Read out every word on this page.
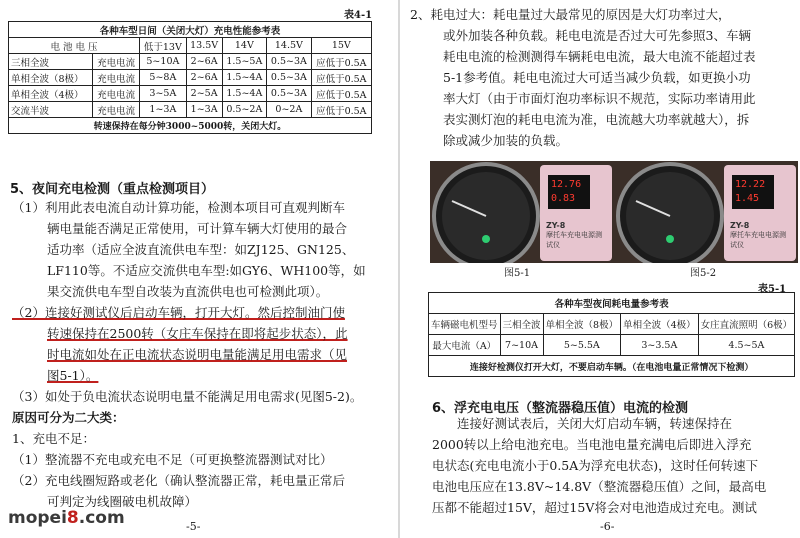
表4-1
各种车型日间（关闭大灯）充电性能参考表						
电 池 电 压		低于13V	13.5V	14V	14.5V	15V
三相全波	充电电流	5~10A	2~6A	1.5~5A	0.5~3A	应低于0.5A
单相全波（8极）	充电电流	5~8A	2~6A	1.5~4A	0.5~3A	应低于0.5A
单相全波（4极）	充电电流	3~5A	2~5A	1.5~4A	0.5~3A	应低于0.5A
交流半波	充电电流	1~3A	1~3A	0.5~2A	0~2A	应低于0.5A
转速保持在每分钟3000~5000转，关闭大灯。						
5、夜间充电检测（重点检测项目）
（1）利用此表电流自动计算功能，检测本项目可直观判断车
辆电量能否满足正常使用，可计算车辆大灯使用的最合
适功率（适应全波直流供电车型：如ZJ125、GN125、
LF110等。不适应交流供电车型:如GY6、WH100等，如
果交流供电车型自改装为直流供电也可检测此项）。
（2）连接好测试仪后启动车辆，打开大灯。然后控制油门使
转速保持在2500转（女庄车保持在即将起步状态），此
时电流如处在正电流状态说明电量能满足用电需求（见
图5-1）。
（3）如处于负电流状态说明电量不能满足用电需求(见图5-2)。
原因可分为二大类：
1、充电不足：
（1）整流器不充电或充电不足（可更换整流器测试对比）
（2）充电线圈短路或老化（确认整流器正常，耗电量正常后
可判定为线圈破电机故障）
-5-
2、耗电过大：耗电量过大最常见的原因是大灯功率过大，
或外加装各种负载。耗电电流是否过大可先参照3、车辆
耗电电流的检测测得车辆耗电电流，最大电流不能超过表
5-1参考值。耗电电流过大可适当减少负载，如更换小功
率大灯（由于市面灯泡功率标识不规范，实际功率请用此
表实测灯泡的耗电电流为准，电流越大功率就越大），拆
除或减少加装的负载。
12.76
0.83
ZY-8
摩托车充电电源测试仪
图5-1
12.22
1.45
ZY-8
摩托车充电电源测试仪
图5-2
表5-1
各种车型夜间耗电量参考表				
车辆磁电机型号	三相全波	单相全波（8极）	单相全波（4极）	女庄直流照明（6极）
最大电流（A）	7~10A	5~5.5A	3~3.5A	4.5~5A
连接好检测仪打开大灯，不要启动车辆。（在电池电量正常情况下检测）				
6、浮充电电压（整流器稳压值）电流的检测
连接好测试表后，关闭大灯启动车辆，转速保持在
2000转以上给电池充电。当电池电量充满电后即进入浮充
电状态(充电电流小于0.5A为浮充电状态)，这时任何转速下
电池电压应在13.8V~14.8V（整流器稳压值）之间，最高电
压都不能超过15V，超过15V将会对电池造成过充电。测试
-6-
mopei8.com
